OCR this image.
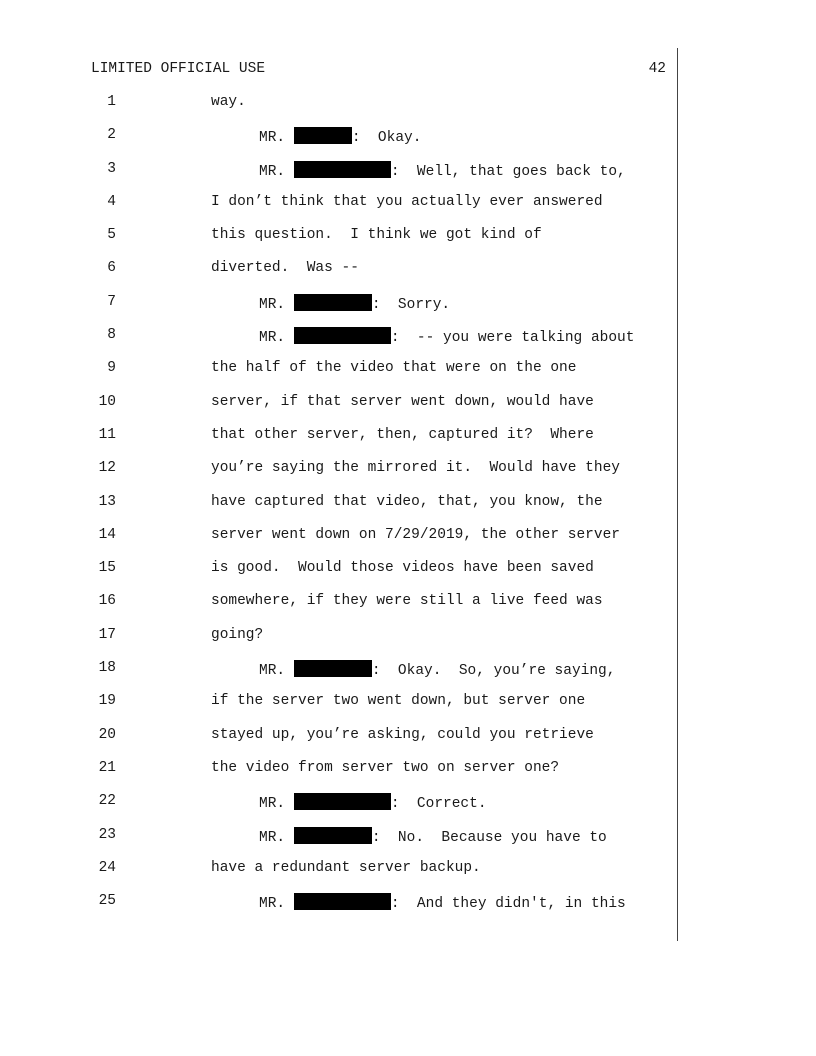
LIMITED OFFICIAL USE	42
1	way.
2	MR.	:  Okay.
3	MR.	:  Well, that goes back to,
4	I don’t think that you actually ever answered
5	this question.  I think we got kind of
6	diverted.  Was --
7	MR.	:  Sorry.
8	MR.	:  -- you were talking about
9	the half of the video that were on the one
10	server, if that server went down, would have
11	that other server, then, captured it?  Where
12	you’re saying the mirrored it.  Would have they
13	have captured that video, that, you know, the
14	server went down on 7/29/2019, the other server
15	is good.  Would those videos have been saved
16	somewhere, if they were still a live feed was
17	going?
18	MR.	:  Okay.  So, you’re saying,
19	if the server two went down, but server one
20	stayed up, you’re asking, could you retrieve
21	the video from server two on server one?
22	MR.	:  Correct.
23	MR.	:  No.  Because you have to
24	have a redundant server backup.
25	MR.	:  And they didn't, in this
